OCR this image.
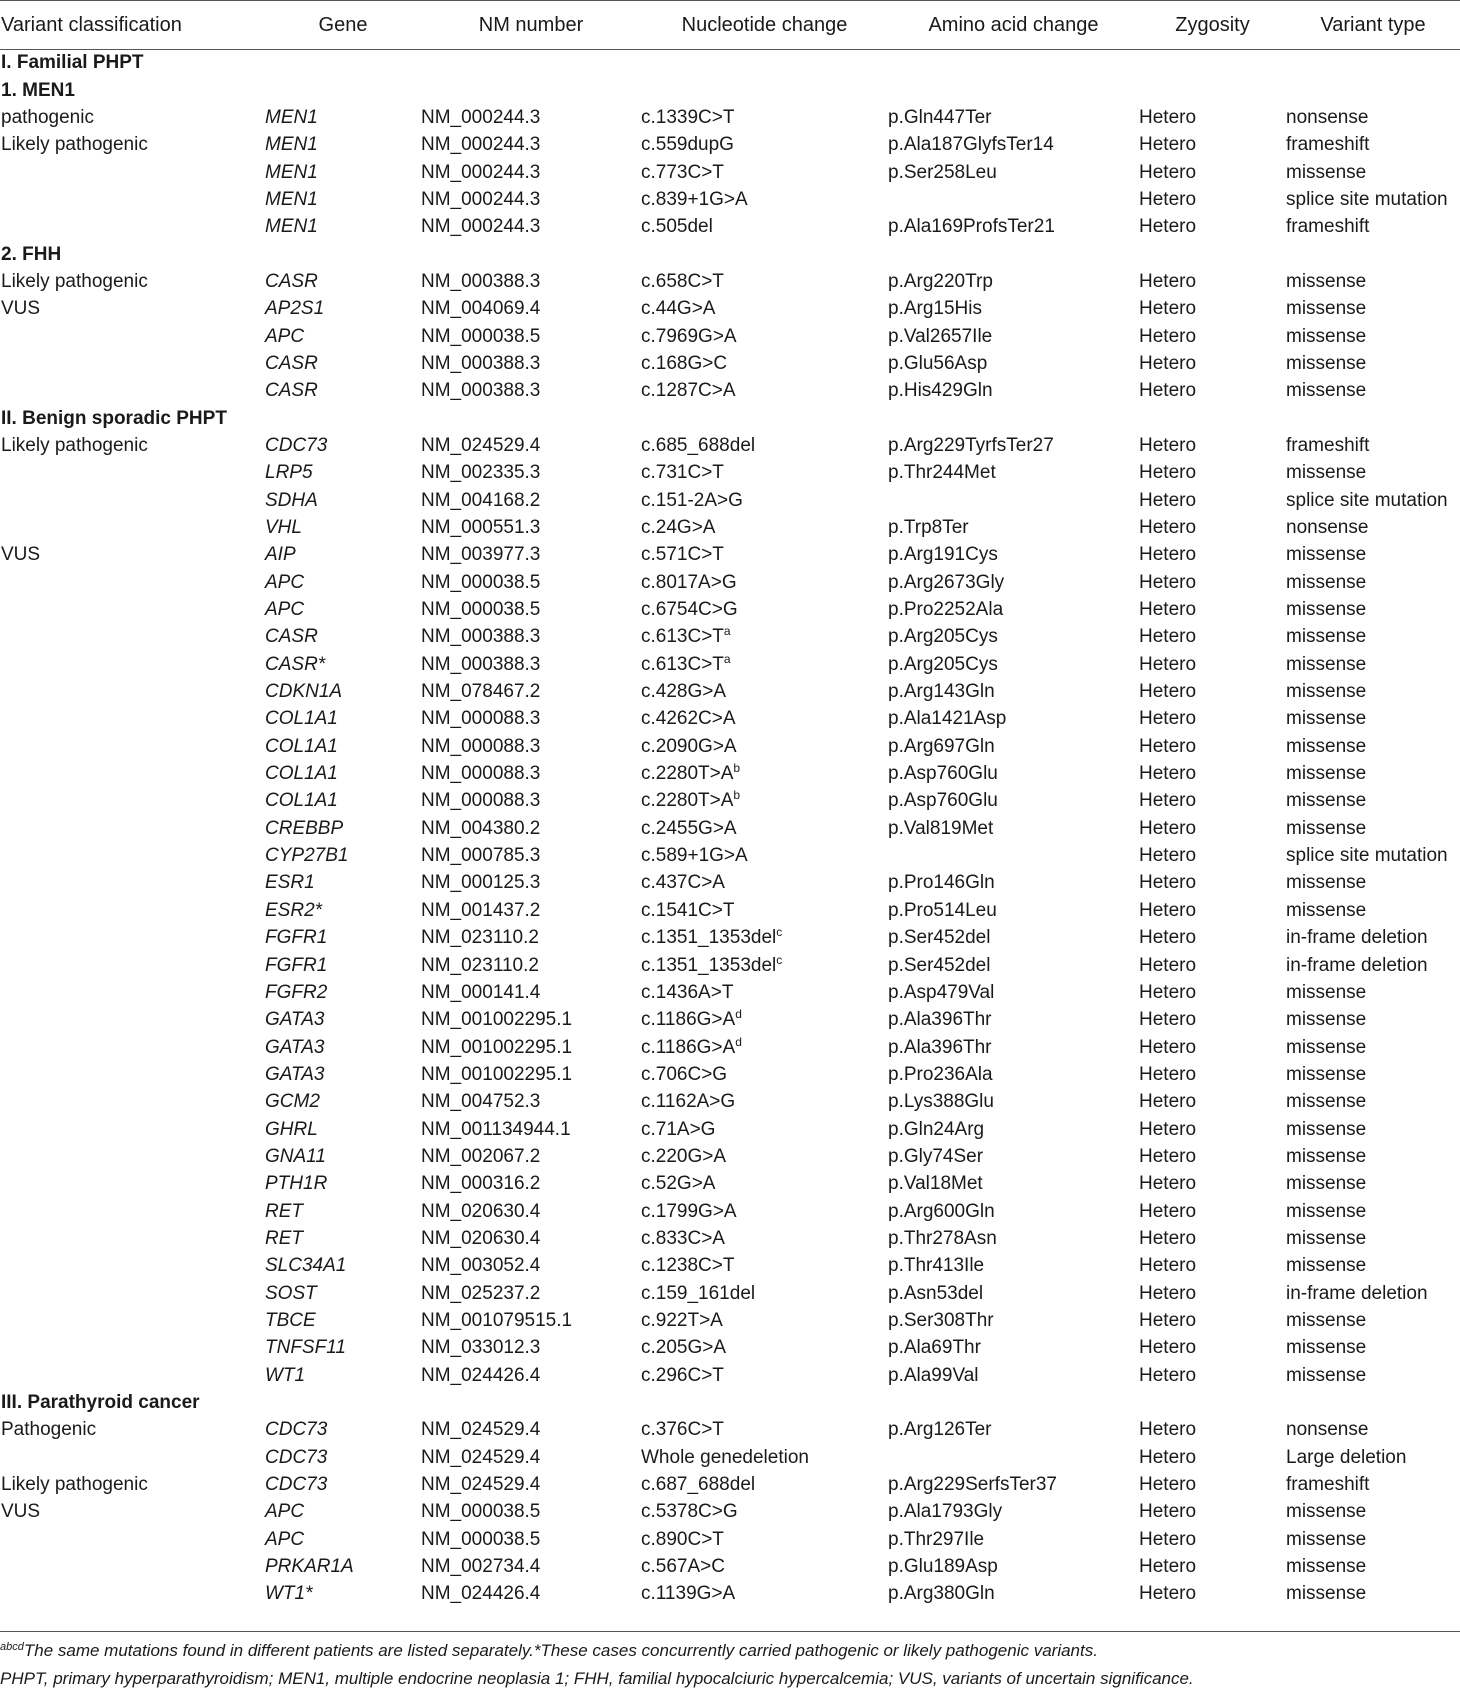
Variant classification	Gene	NM number	Nucleotide change	Amino acid change	Zygosity	Variant type
I. Familial PHPT						
1. MEN1						
pathogenic	MEN1	NM_000244.3	c.1339C>T	p.Gln447Ter	Hetero	nonsense
Likely pathogenic	MEN1	NM_000244.3	c.559dupG	p.Ala187GlyfsTer14	Hetero	frameshift
	MEN1	NM_000244.3	c.773C>T	p.Ser258Leu	Hetero	missense
	MEN1	NM_000244.3	c.839+1G>A		Hetero	splice site mutation
	MEN1	NM_000244.3	c.505del	p.Ala169ProfsTer21	Hetero	frameshift
2. FHH						
Likely pathogenic	CASR	NM_000388.3	c.658C>T	p.Arg220Trp	Hetero	missense
VUS	AP2S1	NM_004069.4	c.44G>A	p.Arg15His	Hetero	missense
	APC	NM_000038.5	c.7969G>A	p.Val2657Ile	Hetero	missense
	CASR	NM_000388.3	c.168G>C	p.Glu56Asp	Hetero	missense
	CASR	NM_000388.3	c.1287C>A	p.His429Gln	Hetero	missense
II. Benign sporadic PHPT						
Likely pathogenic	CDC73	NM_024529.4	c.685_688del	p.Arg229TyrfsTer27	Hetero	frameshift
	LRP5	NM_002335.3	c.731C>T	p.Thr244Met	Hetero	missense
	SDHA	NM_004168.2	c.151-2A>G		Hetero	splice site mutation
	VHL	NM_000551.3	c.24G>A	p.Trp8Ter	Hetero	nonsense
VUS	AIP	NM_003977.3	c.571C>T	p.Arg191Cys	Hetero	missense
	APC	NM_000038.5	c.8017A>G	p.Arg2673Gly	Hetero	missense
	APC	NM_000038.5	c.6754C>G	p.Pro2252Ala	Hetero	missense
	CASR	NM_000388.3	$c.613C>T^a$	p.Arg205Cys	Hetero	missense
	CASR*	NM_000388.3	$c.613C>T^a$	p.Arg205Cys	Hetero	missense
	CDKN1A	NM_078467.2	c.428G>A	p.Arg143Gln	Hetero	missense
	COL1A1	NM_000088.3	c.4262C>A	p.Ala1421Asp	Hetero	missense
	COL1A1	NM_000088.3	c.2090G>A	p.Arg697Gln	Hetero	missense
	COL1A1	NM_000088.3	$c.2280T>A^b$	p.Asp760Glu	Hetero	missense
	COL1A1	NM_000088.3	$c.2280T>A^b$	p.Asp760Glu	Hetero	missense
	CREBBP	NM_004380.2	c.2455G>A	p.Val819Met	Hetero	missense
	CYP27B1	NM_000785.3	c.589+1G>A		Hetero	splice site mutation
	ESR1	NM_000125.3	c.437C>A	p.Pro146Gln	Hetero	missense
	ESR2*	NM_001437.2	c.1541C>T	p.Pro514Leu	Hetero	missense
	FGFR1	NM_023110.2	c.1351_1353del$^c$	p.Ser452del	Hetero	in-frame deletion
	FGFR1	NM_023110.2	c.1351_1353del$^c$	p.Ser452del	Hetero	in-frame deletion
	FGFR2	NM_000141.4	c.1436A>T	p.Asp479Val	Hetero	missense
	GATA3	NM_001002295.1	$c.1186G>A^d$	p.Ala396Thr	Hetero	missense
	GATA3	NM_001002295.1	$c.1186G>A^d$	p.Ala396Thr	Hetero	missense
	GATA3	NM_001002295.1	c.706C>G	p.Pro236Ala	Hetero	missense
	GCM2	NM_004752.3	c.1162A>G	p.Lys388Glu	Hetero	missense
	GHRL	NM_001134944.1	c.71A>G	p.Gln24Arg	Hetero	missense
	GNA11	NM_002067.2	c.220G>A	p.Gly74Ser	Hetero	missense
	PTH1R	NM_000316.2	c.52G>A	p.Val18Met	Hetero	missense
	RET	NM_020630.4	c.1799G>A	p.Arg600Gln	Hetero	missense
	RET	NM_020630.4	c.833C>A	p.Thr278Asn	Hetero	missense
	SLC34A1	NM_003052.4	c.1238C>T	p.Thr413Ile	Hetero	missense
	SOST	NM_025237.2	c.159_161del	p.Asn53del	Hetero	in-frame deletion
	TBCE	NM_001079515.1	c.922T>A	p.Ser308Thr	Hetero	missense
	TNFSF11	NM_033012.3	c.205G>A	p.Ala69Thr	Hetero	missense
	WT1	NM_024426.4	c.296C>T	p.Ala99Val	Hetero	missense
III. Parathyroid cancer						
Pathogenic	CDC73	NM_024529.4	c.376C>T	p.Arg126Ter	Hetero	nonsense
	CDC73	NM_024529.4	Whole genedeletion		Hetero	Large deletion
Likely pathogenic	CDC73	NM_024529.4	c.687_688del	p.Arg229SerfsTer37	Hetero	frameshift
VUS	APC	NM_000038.5	c.5378C>G	p.Ala1793Gly	Hetero	missense
	APC	NM_000038.5	c.890C>T	p.Thr297Ile	Hetero	missense
	PRKAR1A	NM_002734.4	c.567A>C	p.Glu189Asp	Hetero	missense
	WT1*	NM_024426.4	c.1139G>A	p.Arg380Gln	Hetero	missense
$^{abcd}$The same mutations found in different patients are listed separately.*These cases concurrently carried pathogenic or likely pathogenic variants.
PHPT, primary hyperparathyroidism; MEN1, multiple endocrine neoplasia 1; FHH, familial hypocalciuric hypercalcemia; VUS, variants of uncertain significance.
